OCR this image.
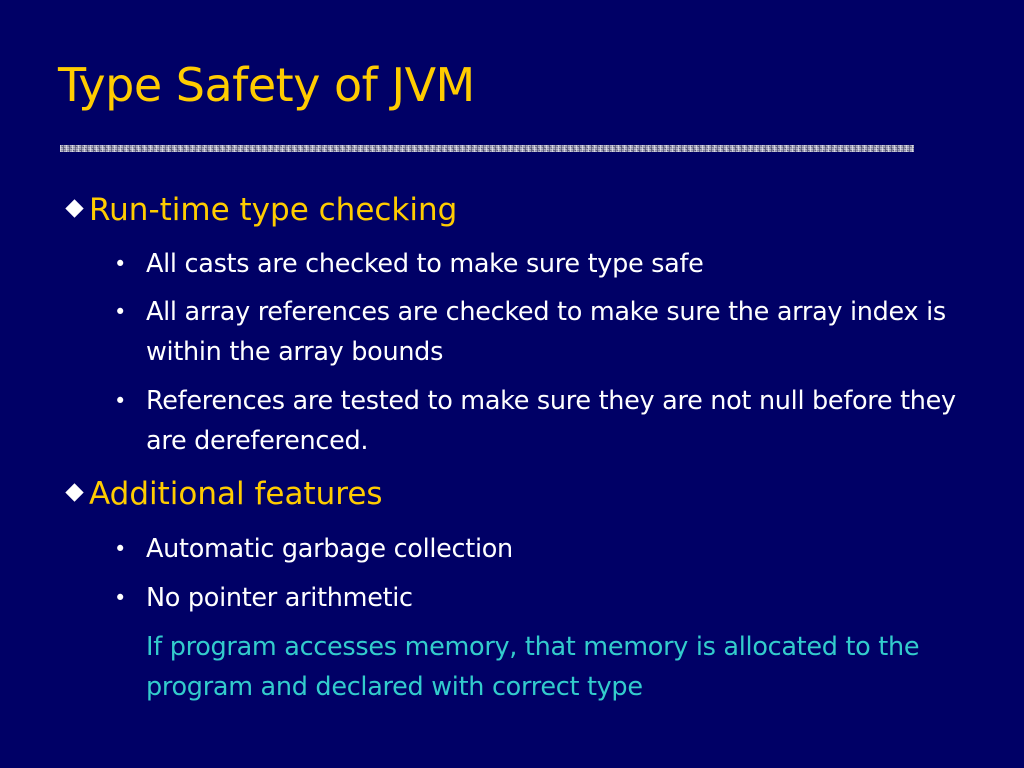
Type Safety of JVM
Run-time type checking
• All casts are checked to make sure type safe
• All array references are checked to make sure the array index is within the array bounds
• References are tested to make sure they are not null before they are dereferenced.
Additional features
• Automatic garbage collection
• No pointer arithmetic
If program accesses memory, that memory is allocated to the program and declared with correct type
